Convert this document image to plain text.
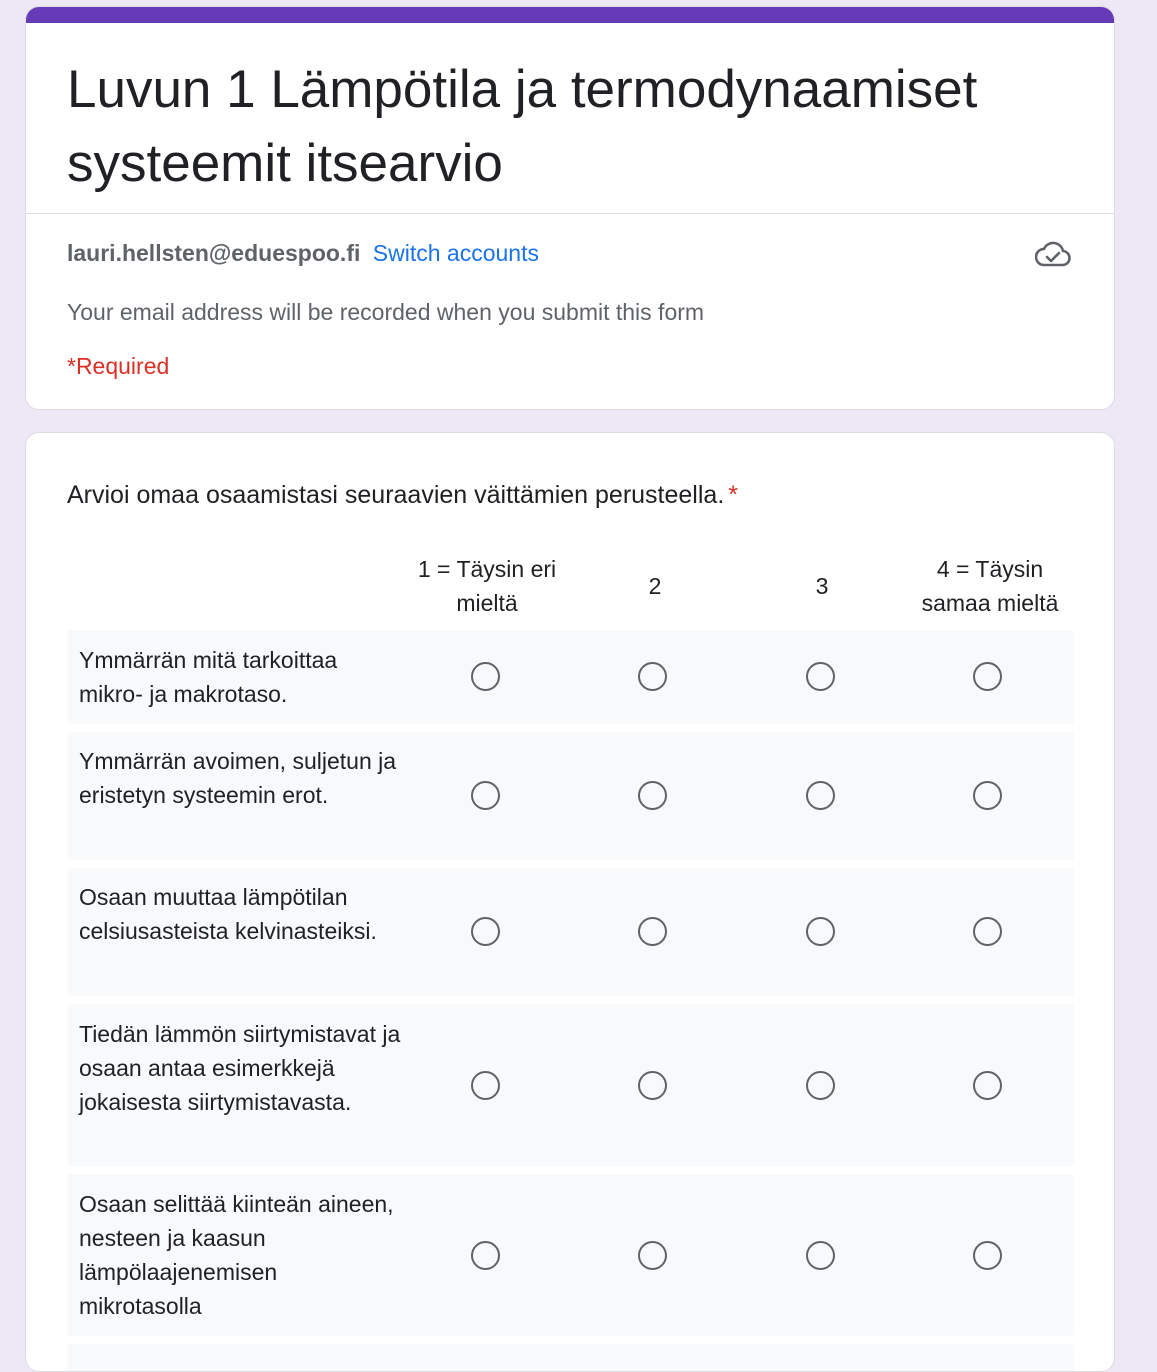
Luvun 1 Lämpötila ja termodynaamiset systeemit itsearvio
lauri.hellsten@eduespoo.fi Switch accounts
Your email address will be recorded when you submit this form
*Required
Arvioi omaa osaamistasi seuraavien väittämien perusteella. *
1 = Täysin eri mieltä
2	3
4 = Täysin samaa mieltä
Ymmärrän mitä tarkoittaa mikro- ja makrotaso.
Ymmärrän avoimen, suljetun ja eristetyn systeemin erot.
Osaan muuttaa lämpötilan celsiusasteista kelvinasteiksi.
Tiedän lämmön siirtymistavat ja osaan antaa esimerkkejä jokaisesta siirtymistavasta.
Osaan selittää kiinteän aineen, nesteen ja kaasun lämpölaajenemisen mikrotasolla
